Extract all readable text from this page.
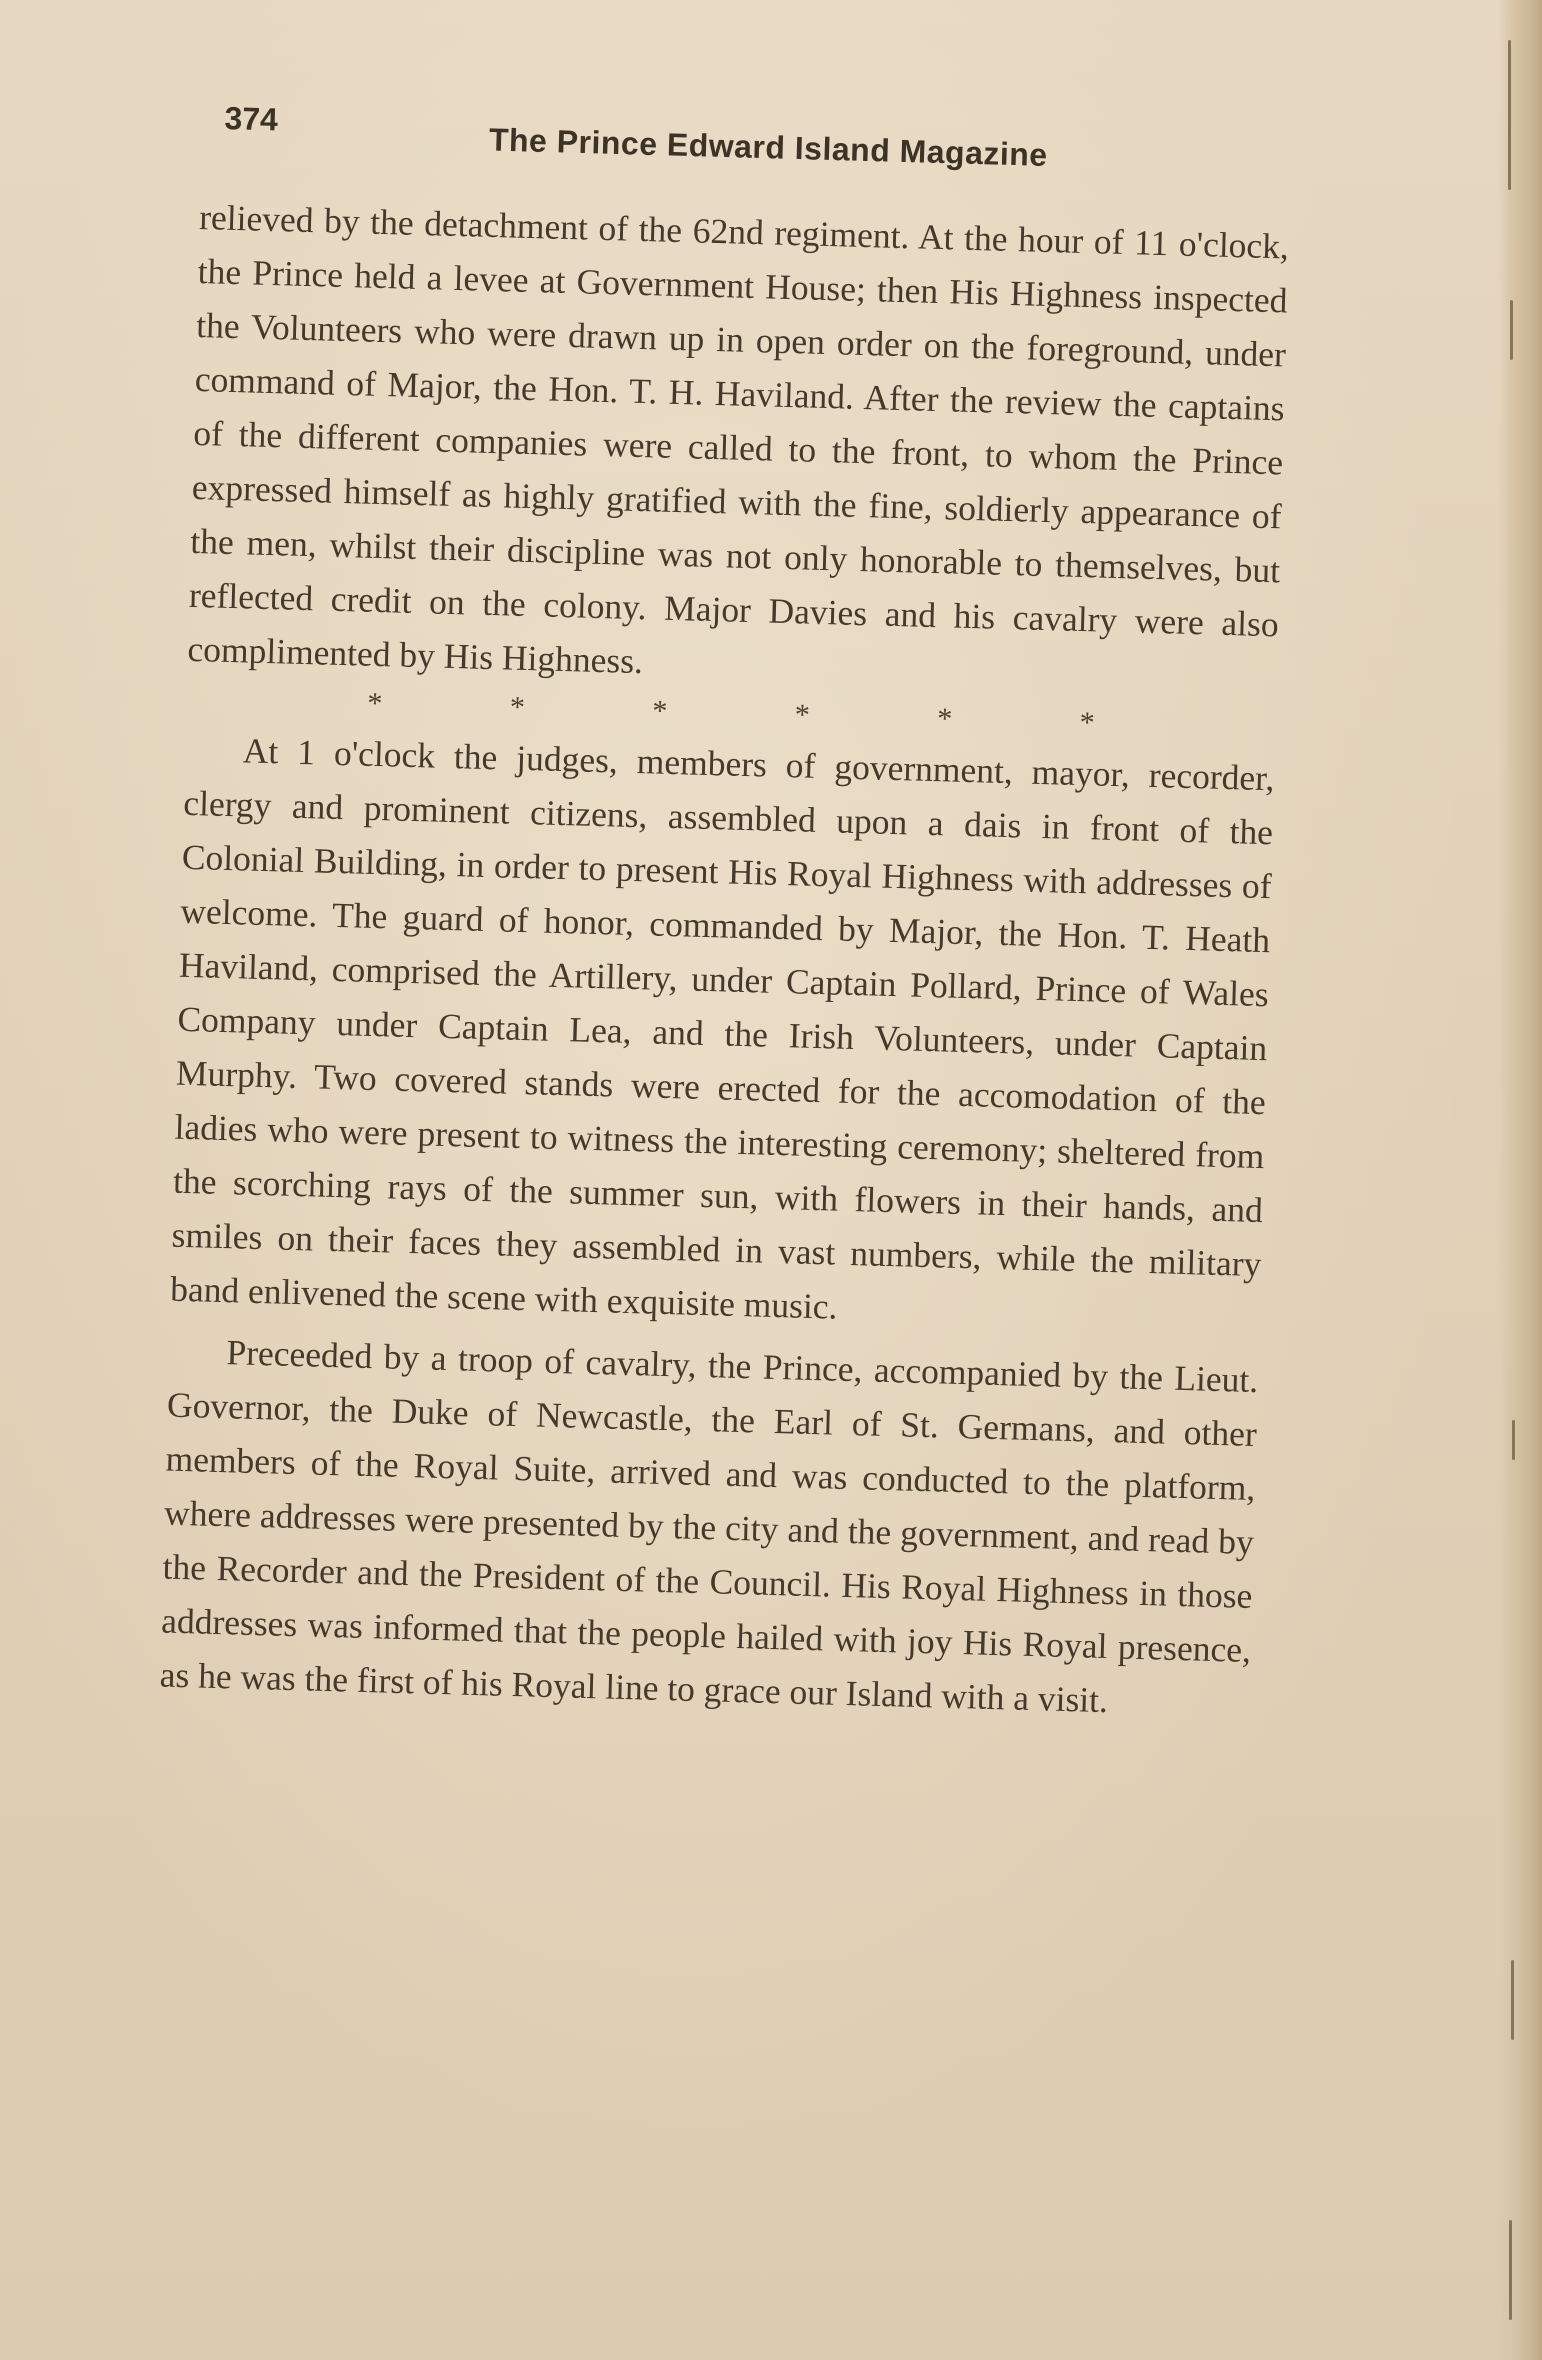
374
The Prince Edward Island Magazine

relieved by the detachment of the 62nd regiment. At the hour of 11 o'clock, the Prince held a levee at Government House; then His Highness inspected the Volunteers who were drawn up in open order on the foreground, under command of Major, the Hon. T. H. Haviland. After the review the captains of the different companies were called to the front, to whom the Prince expressed himself as highly gratified with the fine, soldierly appearance of the men, whilst their discipline was not only honorable to themselves, but reflected credit on the colony. Major Davies and his cavalry were also complimented by His Highness.

* * * * * *

At 1 o'clock the judges, members of government, mayor, recorder, clergy and prominent citizens, assembled upon a dais in front of the Colonial Building, in order to present His Royal Highness with addresses of welcome. The guard of honor, commanded by Major, the Hon. T. Heath Haviland, comprised the Artillery, under Captain Pollard, Prince of Wales Company under Captain Lea, and the Irish Volunteers, under Captain Murphy. Two covered stands were erected for the accomodation of the ladies who were present to witness the interesting ceremony; sheltered from the scorching rays of the summer sun, with flowers in their hands, and smiles on their faces they assembled in vast numbers, while the military band enlivened the scene with exquisite music.

Preceeded by a troop of cavalry, the Prince, accompanied by the Lieut. Governor, the Duke of Newcastle, the Earl of St. Germans, and other members of the Royal Suite, arrived and was conducted to the platform, where addresses were presented by the city and the government, and read by the Recorder and the President of the Council. His Royal Highness in those addresses was informed that the people hailed with joy His Royal presence, as he was the first of his Royal line to grace our Island with a visit.
